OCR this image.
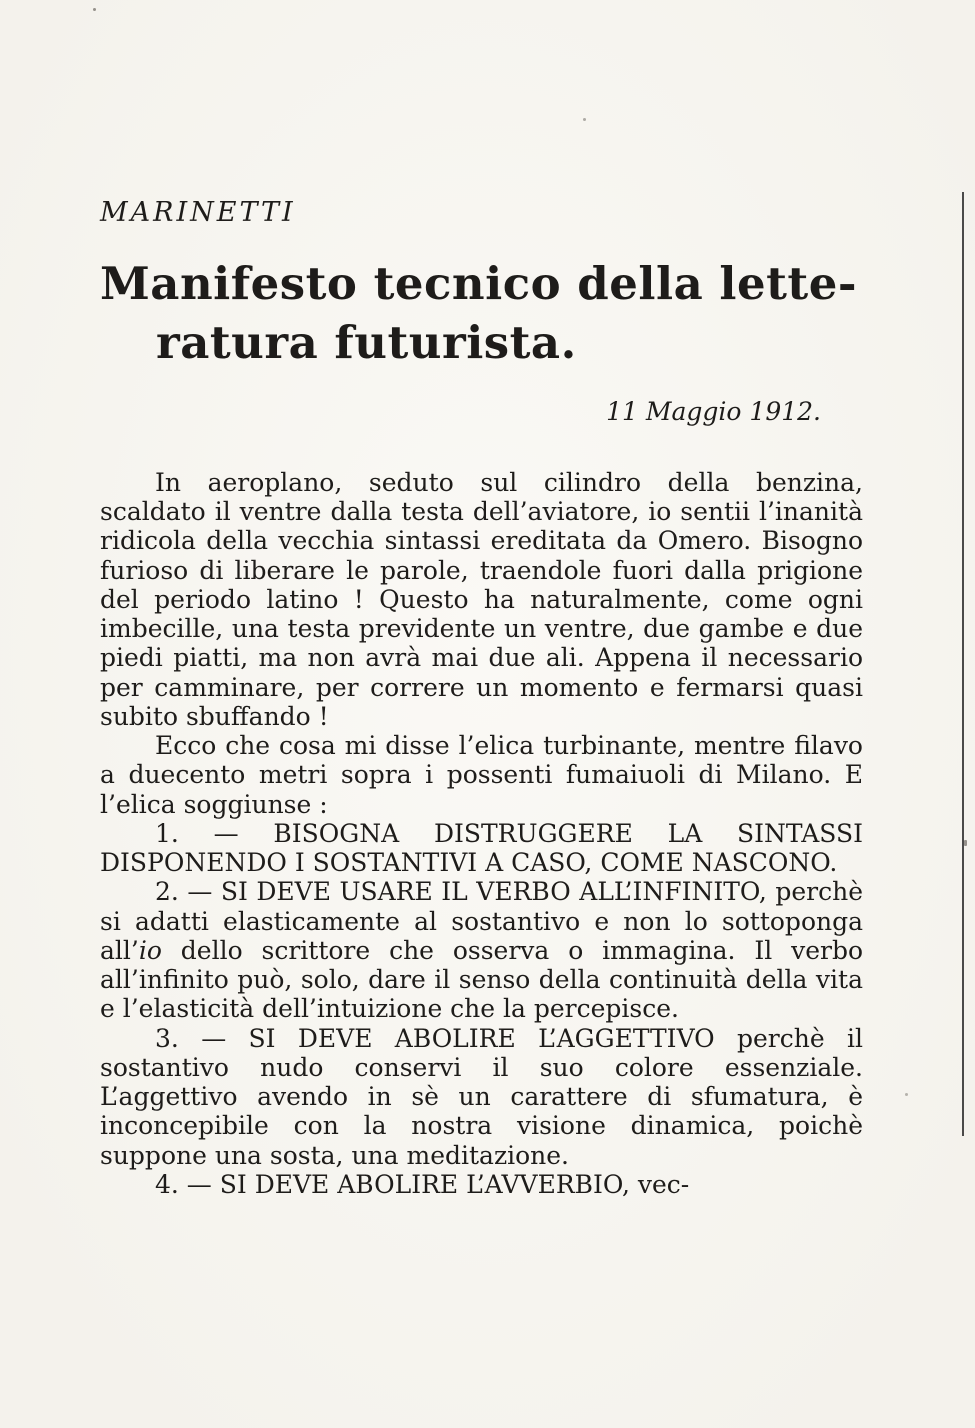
MARINETTI
Manifesto tecnico della lette-
ratura futurista.
11 Maggio 1912.

In aeroplano, seduto sul cilindro della benzina, scaldato il ventre dalla testa dell’aviatore, io sentii l’inanità ridicola della vecchia sintassi ereditata da Omero. Bisogno furioso di liberare le parole, traendole fuori dalla prigione del periodo latino ! Questo ha naturalmente, come ogni imbecille, una testa previdente un ventre, due gambe e due piedi piatti, ma non avrà mai due ali. Appena il necessario per camminare, per correre un momento e fermarsi quasi subito sbuffando !

Ecco che cosa mi disse l’elica turbinante, mentre filavo a duecento metri sopra i possenti fumaiuoli di Milano. E l’elica soggiunse :

1. — BISOGNA DISTRUGGERE LA SINTASSI DISPONENDO I SOSTANTIVI A CASO, COME NASCONO.

2. — SI DEVE USARE IL VERBO ALL’INFINITO, perchè si adatti elasticamente al sostantivo e non lo sottoponga all’io dello scrittore che osserva o immagina. Il verbo all’infinito può, solo, dare il senso della continuità della vita e l’elasticità dell’intuizione che la percepisce.

3. — SI DEVE ABOLIRE L’AGGETTIVO perchè il sostantivo nudo conservi il suo colore essenziale. L’aggettivo avendo in sè un carattere di sfumatura, è inconcepibile con la nostra visione dinamica, poichè suppone una sosta, una meditazione.

4. — SI DEVE ABOLIRE L’AVVERBIO, vec-
